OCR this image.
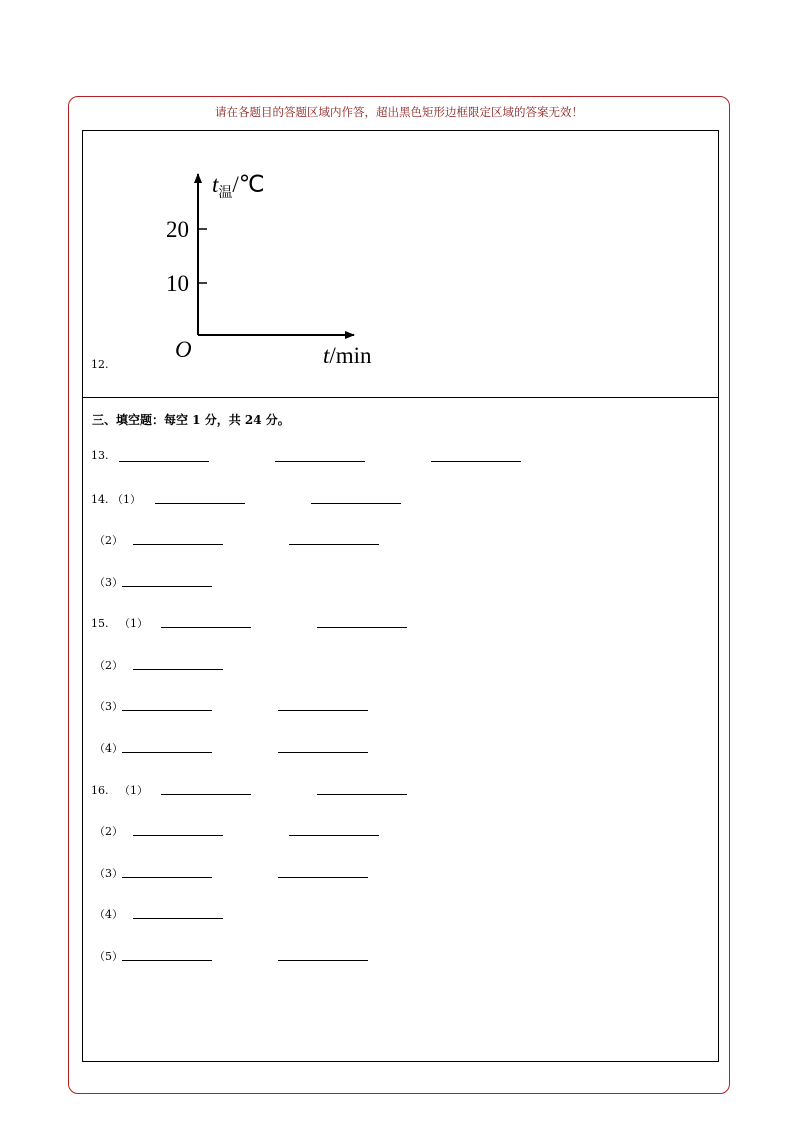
请在各题目的答题区域内作答，超出黑色矩形边框限定区域的答案无效！
$t_温/℃$
20
10
O	t/min
12.
三、填空题：每空 1 分，共 24 分。
13.
14. （1）
（2）
（3）
15.   （1）
（2）
（3）
（4）
16.   （1）
（2）
（3）
（4）
（5）
